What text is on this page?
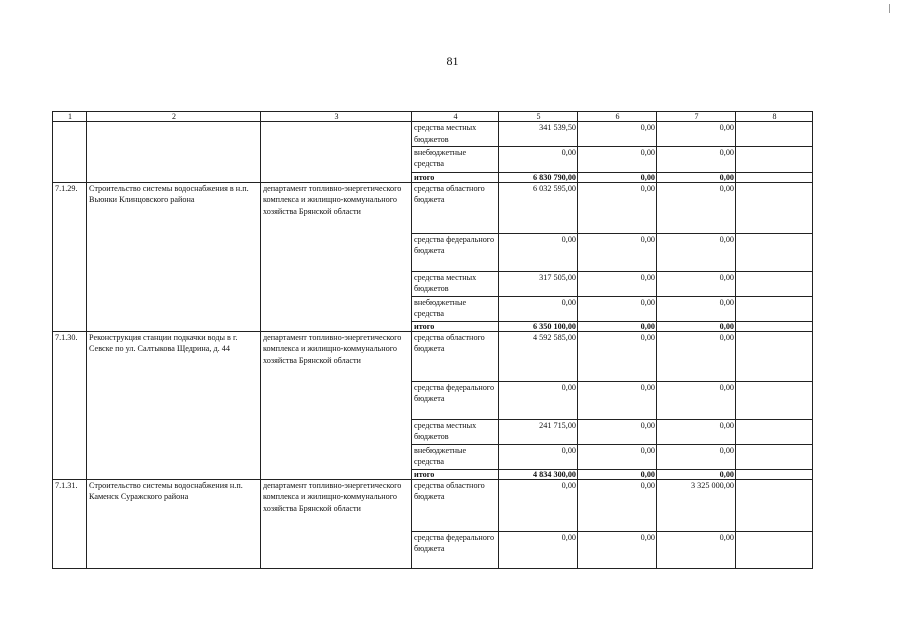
81
1	2	3	4	5	6	7	8
			средства местных бюджетов	341 539,50	0,00	0,00	
			внебюджетные средства	0,00	0,00	0,00	
			итого	6 830 790,00	0,00	0,00	
7.1.29.	Строительство системы водоснабжения в н.п. Вьюнки Клинцовского района	департамент топливно-энергетического комплекса и жилищно-коммунального хозяйства Брянской области	средства областного бюджета	6 032 595,00	0,00	0,00	
			средства федерального бюджета	0,00	0,00	0,00	
			средства местных бюджетов	317 505,00	0,00	0,00	
			внебюджетные средства	0,00	0,00	0,00	
			итого	6 350 100,00	0,00	0,00	
7.1.30.	Реконструкция станции подкачки воды в г. Севске по ул. Салтыкова Щедрина, д. 44	департамент топливно-энергетического комплекса и жилищно-коммунального хозяйства Брянской области	средства областного бюджета	4 592 585,00	0,00	0,00	
			средства федерального бюджета	0,00	0,00	0,00	
			средства местных бюджетов	241 715,00	0,00	0,00	
			внебюджетные средства	0,00	0,00	0,00	
			итого	4 834 300,00	0,00	0,00	
7.1.31.	Строительство системы водоснабжения н.п. Каменск Суражского района	департамент топливно-энергетического комплекса и жилищно-коммунального хозяйства Брянской области	средства областного бюджета	0,00	0,00	3 325 000,00	
			средства федерального бюджета	0,00	0,00	0,00	
